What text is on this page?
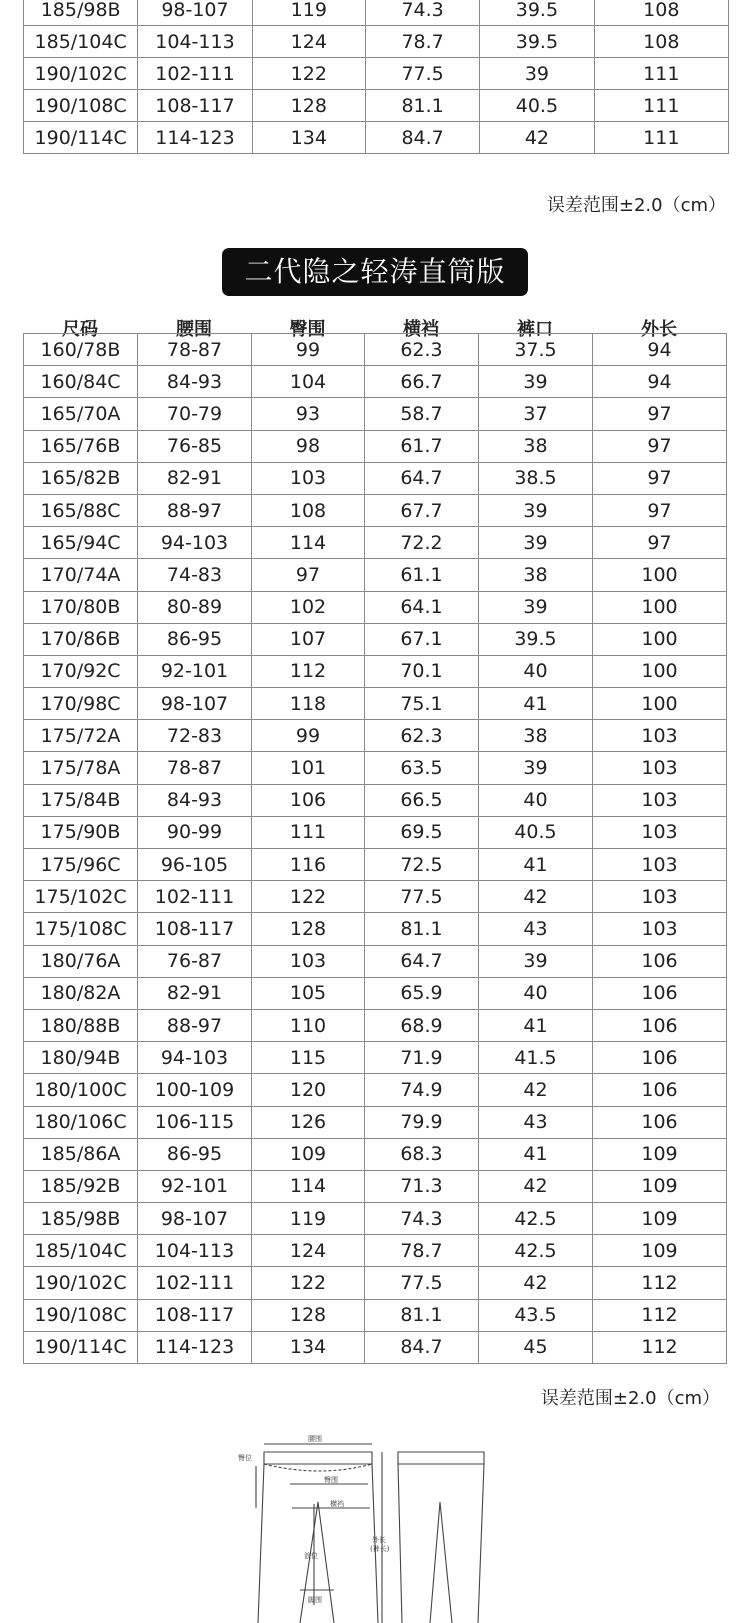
185/98B	98-107	119	74.3	39.5	108
185/104C	104-113	124	78.7	39.5	108
190/102C	102-111	122	77.5	39	111
190/108C	108-117	128	81.1	40.5	111
190/114C	114-123	134	84.7	42	111
误差范围±2.0（cm）
二代隐之轻涛直筒版
尺码	腰围	臀围	横裆	裤口	外长
160/78B	78-87	99	62.3	37.5	94
160/84C	84-93	104	66.7	39	94
165/70A	70-79	93	58.7	37	97
165/76B	76-85	98	61.7	38	97
165/82B	82-91	103	64.7	38.5	97
165/88C	88-97	108	67.7	39	97
165/94C	94-103	114	72.2	39	97
170/74A	74-83	97	61.1	38	100
170/80B	80-89	102	64.1	39	100
170/86B	86-95	107	67.1	39.5	100
170/92C	92-101	112	70.1	40	100
170/98C	98-107	118	75.1	41	100
175/72A	72-83	99	62.3	38	103
175/78A	78-87	101	63.5	39	103
175/84B	84-93	106	66.5	40	103
175/90B	90-99	111	69.5	40.5	103
175/96C	96-105	116	72.5	41	103
175/102C	102-111	122	77.5	42	103
175/108C	108-117	128	81.1	43	103
180/76A	76-87	103	64.7	39	106
180/82A	82-91	105	65.9	40	106
180/88B	88-97	110	68.9	41	106
180/94B	94-103	115	71.9	41.5	106
180/100C	100-109	120	74.9	42	106
180/106C	106-115	126	79.9	43	106
185/86A	86-95	109	68.3	41	109
185/92B	92-101	114	71.3	42	109
185/98B	98-107	119	74.3	42.5	109
185/104C	104-113	124	78.7	42.5	109
190/102C	102-111	122	77.5	42	112
190/108C	108-117	128	81.1	43.5	112
190/114C	114-123	134	84.7	45	112
误差范围±2.0（cm）
腰围
臀位
臀围
横裆
浪位
脚围
外长
(裤长)
